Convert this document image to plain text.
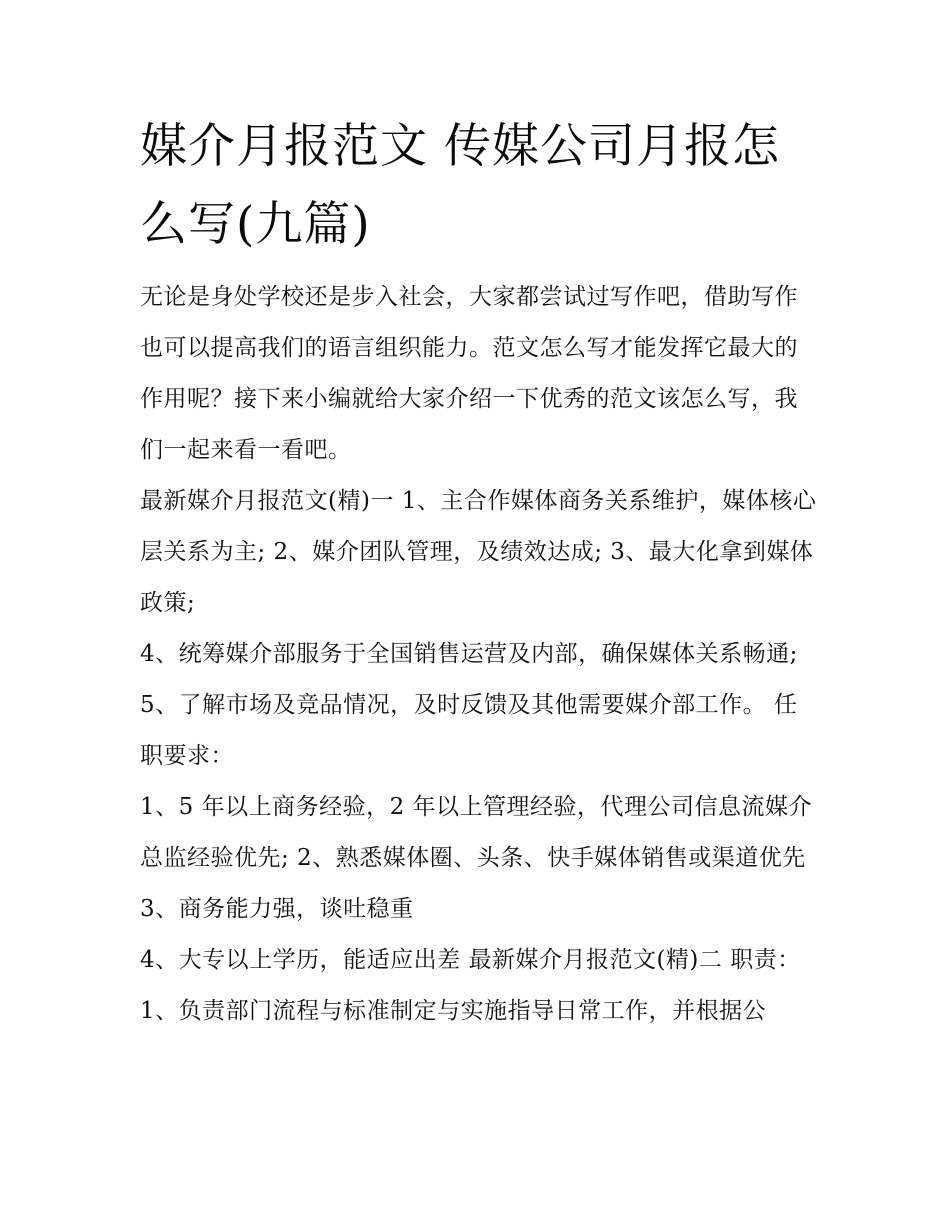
媒介月报范文 传媒公司月报怎么写(九篇)

无论是身处学校还是步入社会，大家都尝试过写作吧，借助写作也可以提高我们的语言组织能力。范文怎么写才能发挥它最大的作用呢？接下来小编就给大家介绍一下优秀的范文该怎么写，我们一起来看一看吧。

最新媒介月报范文(精)一 1、主合作媒体商务关系维护，媒体核心层关系为主; 2、媒介团队管理，及绩效达成; 3、最大化拿到媒体政策;

4、统筹媒介部服务于全国销售运营及内部，确保媒体关系畅通; 5、了解市场及竞品情况，及时反馈及其他需要媒介部工作。 任职要求：

1、5 年以上商务经验，2 年以上管理经验，代理公司信息流媒介总监经验优先; 2、熟悉媒体圈、头条、快手媒体销售或渠道优先 3、商务能力强，谈吐稳重

4、大专以上学历，能适应出差 最新媒介月报范文(精)二 职责：

1、负责部门流程与标准制定与实施指导日常工作，并根据公
